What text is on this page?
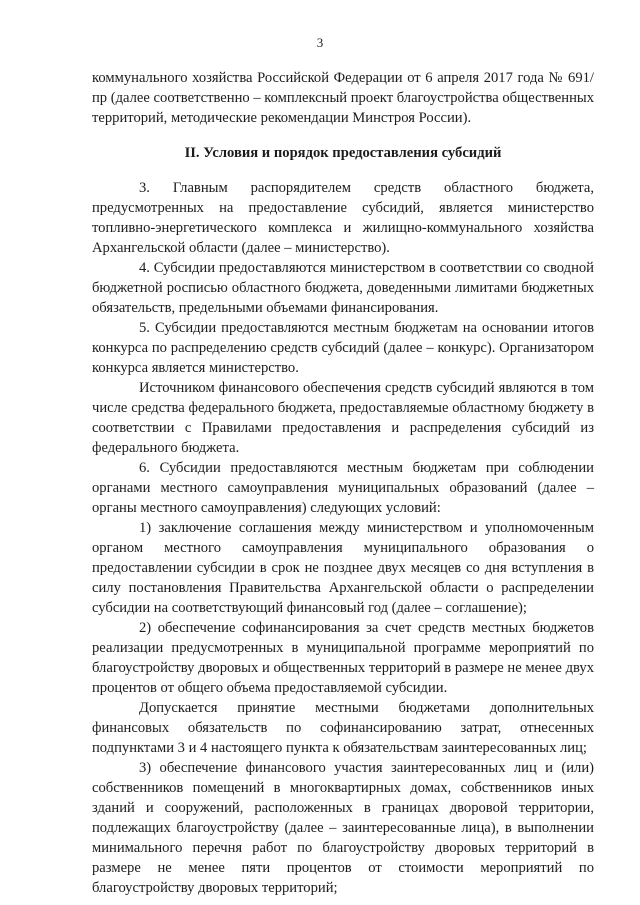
3

коммунального хозяйства Российской Федерации от 6 апреля 2017 года № 691/пр (далее соответственно – комплексный проект благоустройства общественных территорий, методические рекомендации Минстроя России).

II. Условия и порядок предоставления субсидий

3. Главным распорядителем средств областного бюджета, предусмотренных на предоставление субсидий, является министерство топливно-энергетического комплекса и жилищно-коммунального хозяйства Архангельской области (далее – министерство).

4. Субсидии предоставляются министерством в соответствии со сводной бюджетной росписью областного бюджета, доведенными лимитами бюджетных обязательств, предельными объемами финансирования.

5. Субсидии предоставляются местным бюджетам на основании итогов конкурса по распределению средств субсидий (далее – конкурс). Организатором конкурса является министерство.

Источником финансового обеспечения средств субсидий являются в том числе средства федерального бюджета, предоставляемые областному бюджету в соответствии с Правилами предоставления и распределения субсидий из федерального бюджета.

6. Субсидии предоставляются местным бюджетам при соблюдении органами местного самоуправления муниципальных образований (далее – органы местного самоуправления) следующих условий:

1) заключение соглашения между министерством и уполномоченным органом местного самоуправления муниципального образования о предоставлении субсидии в срок не позднее двух месяцев со дня вступления в силу постановления Правительства Архангельской области о распределении субсидии на соответствующий финансовый год (далее – соглашение);

2) обеспечение софинансирования за счет средств местных бюджетов реализации предусмотренных в муниципальной программе мероприятий по благоустройству дворовых и общественных территорий в размере не менее двух процентов от общего объема предоставляемой субсидии.

Допускается принятие местными бюджетами дополнительных финансовых обязательств по софинансированию затрат, отнесенных подпунктами 3 и 4 настоящего пункта к обязательствам заинтересованных лиц;

3) обеспечение финансового участия заинтересованных лиц и (или) собственников помещений в многоквартирных домах, собственников иных зданий и сооружений, расположенных в границах дворовой территории, подлежащих благоустройству (далее – заинтересованные лица), в выполнении минимального перечня работ по благоустройству дворовых территорий в размере не менее пяти процентов от стоимости мероприятий по благоустройству дворовых территорий;
